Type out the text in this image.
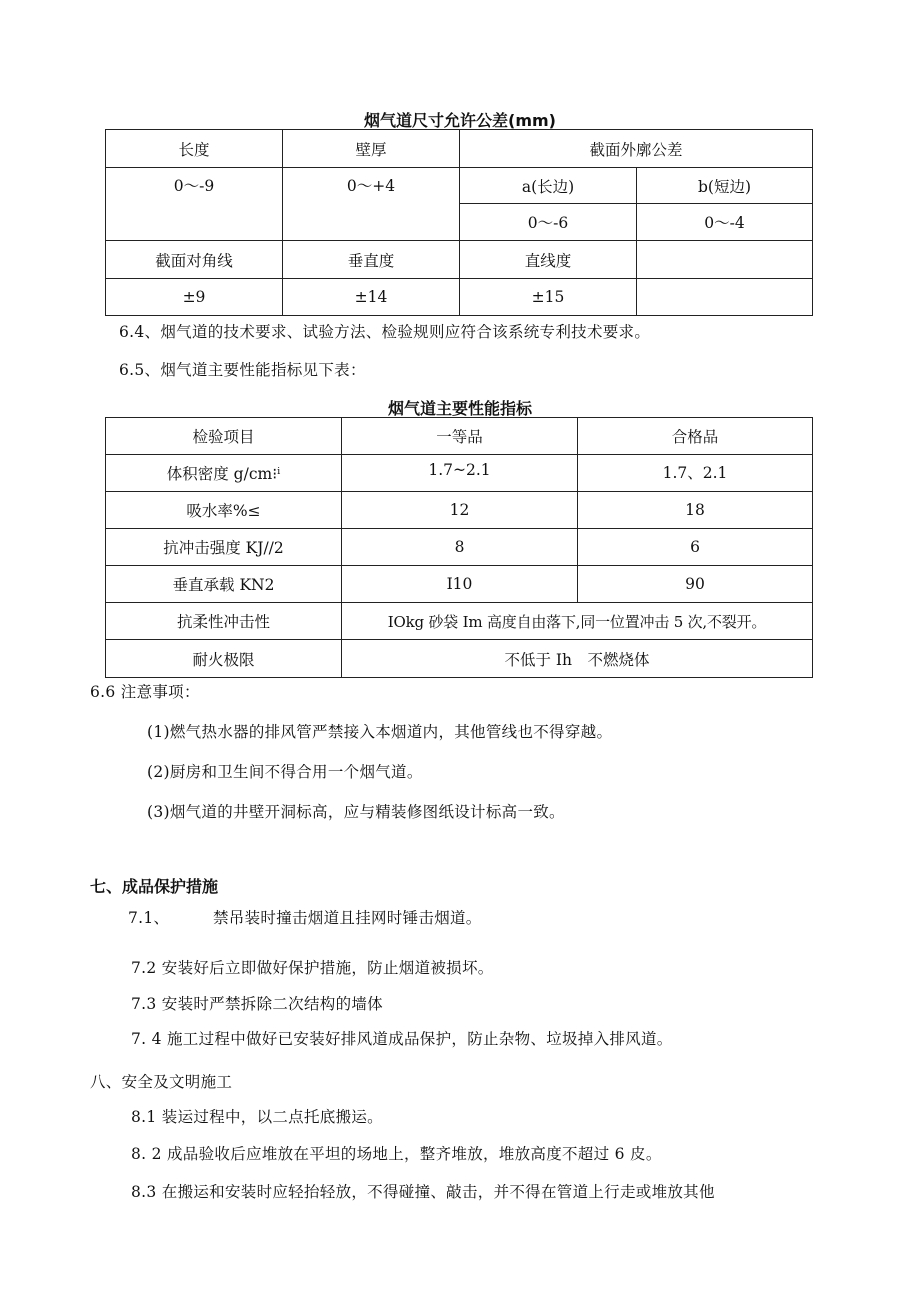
烟气道尺寸允许公差(mm)
长度	壁厚	截面外廓公差	
0～-9	0～+4	a(长边)	b(短边)
		0～-6	0～-4
截面对角线	垂直度	直线度	
±9	±14	±15	
6.4、烟气道的技术要求、试验方法、检验规则应符合该系统专利技术要求。
6.5、烟气道主要性能指标见下表：
烟气道主要性能指标
检验项目	一等品	合格品
体积密度 g/cm⁝ⁱ	1.7~2.1	1.7、2.1
吸水率%≤	12	18
抗冲击强度 KJ//2	8	6
垂直承载 KN2	I10	90
抗柔性冲击性	IOkg 砂袋 Im 高度自由落下,同一位置冲击 5 次,不裂开。	
耐火极限	不低于 Ih　不燃烧体	
6.6 注意事项：
(1)燃气热水器的排风管严禁接入本烟道内，其他管线也不得穿越。
(2)厨房和卫生间不得合用一个烟气道。
(3)烟气道的井壁开洞标高，应与精装修图纸设计标高一致。
七、成品保护措施
7.1、	禁吊装时撞击烟道且挂网时锤击烟道。
7.2 安装好后立即做好保护措施，防止烟道被损坏。
7.3 安装时严禁拆除二次结构的墙体
7. 4 施工过程中做好已安装好排风道成品保护，防止杂物、垃圾掉入排风道。
八、安全及文明施工
8.1 装运过程中，以二点托底搬运。
8. 2 成品验收后应堆放在平坦的场地上，整齐堆放，堆放高度不超过 6 皮。
8.3 在搬运和安装时应轻抬轻放，不得碰撞、敲击，并不得在管道上行走或堆放其他
